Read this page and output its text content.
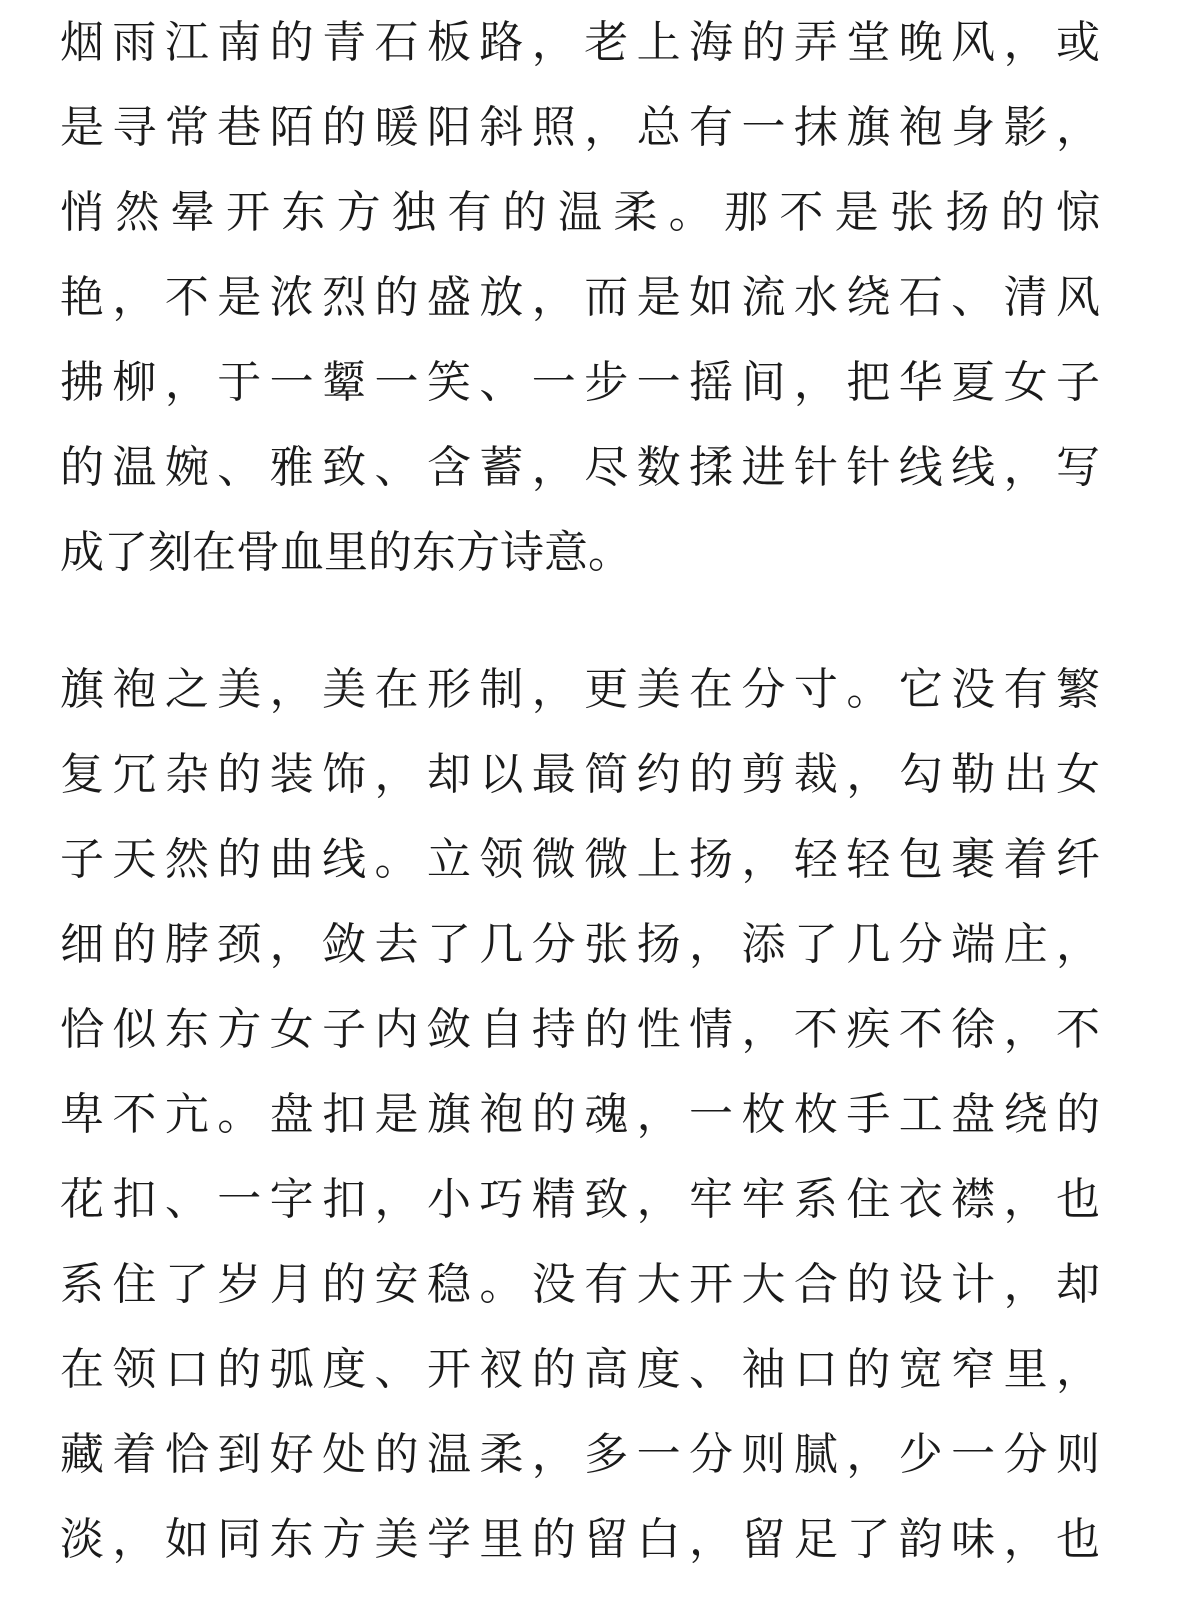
烟雨江南的青石板路，老上海的弄堂晚风，或
是寻常巷陌的暖阳斜照，总有一抹旗袍身影，
悄然晕开东方独有的温柔。那不是张扬的惊
艳，不是浓烈的盛放，而是如流水绕石、清风
拂柳，于一颦一笑、一步一摇间，把华夏女子
的温婉、雅致、含蓄，尽数揉进针针线线，写
成了刻在骨血里的东方诗意。
旗袍之美，美在形制，更美在分寸。它没有繁
复冗杂的装饰，却以最简约的剪裁，勾勒出女
子天然的曲线。立领微微上扬，轻轻包裹着纤
细的脖颈，敛去了几分张扬，添了几分端庄，
恰似东方女子内敛自持的性情，不疾不徐，不
卑不亢。盘扣是旗袍的魂，一枚枚手工盘绕的
花扣、一字扣，小巧精致，牢牢系住衣襟，也
系住了岁月的安稳。没有大开大合的设计，却
在领口的弧度、开衩的高度、袖口的宽窄里，
藏着恰到好处的温柔，多一分则腻，少一分则
淡，如同东方美学里的留白，留足了韵味，也
